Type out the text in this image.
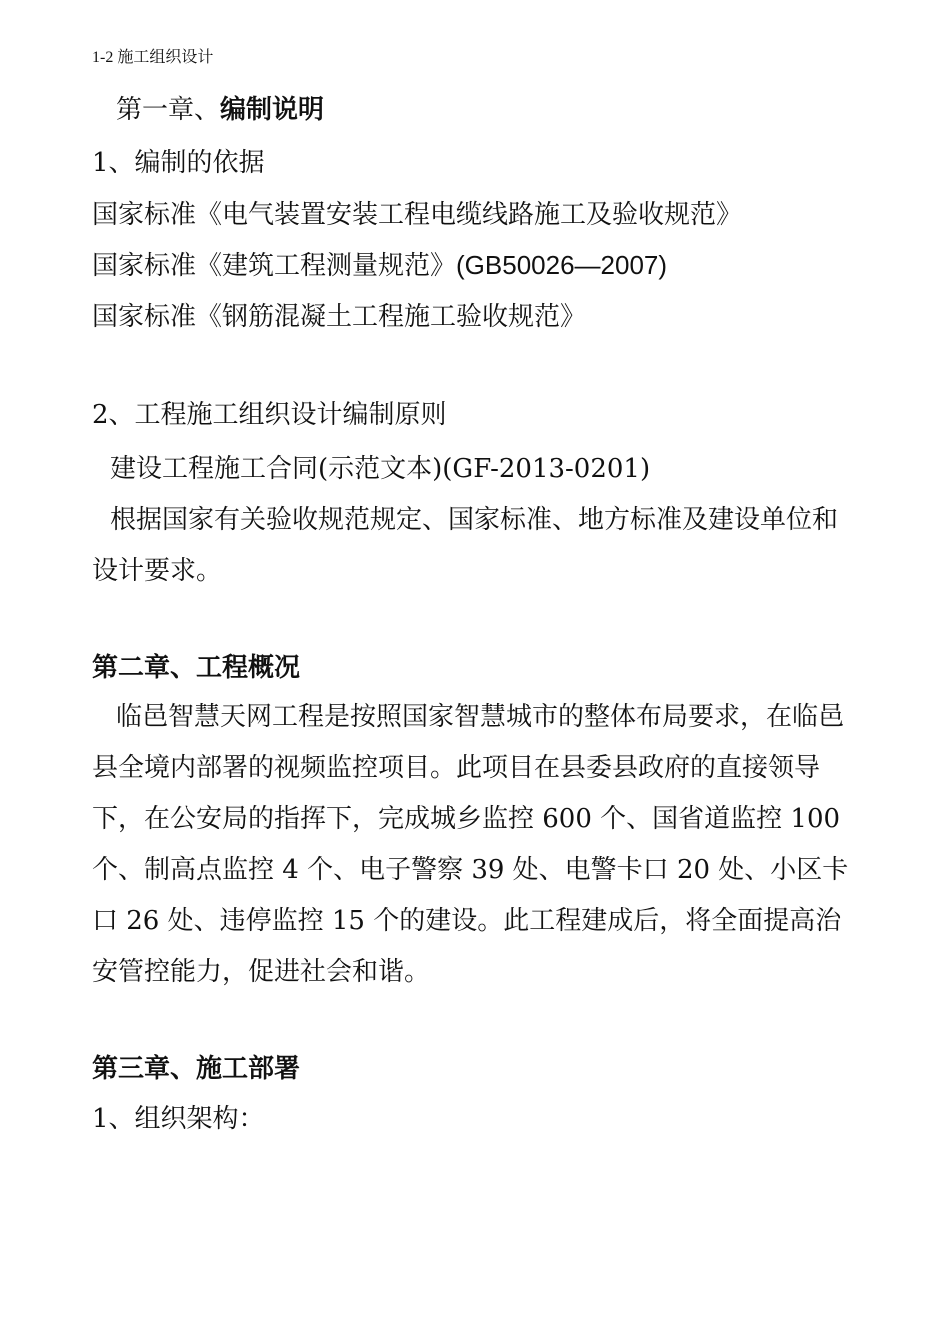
1-2 施工组织设计
第一章、编制说明
1、编制的依据
国家标准《电气装置安装工程电缆线路施工及验收规范》
国家标准《建筑工程测量规范》(GB50026—2007)
国家标准《钢筋混凝土工程施工验收规范》
2、工程施工组织设计编制原则
建设工程施工合同(示范文本)(GF-2013-0201)

根据国家有关验收规范规定、国家标准、地方标准及建设单位和设计要求。

第二章、工程概况

临邑智慧天网工程是按照国家智慧城市的整体布局要求，在临邑县全境内部署的视频监控项目。此项目在县委县政府的直接领导下，在公安局的指挥下，完成城乡监控 600 个、国省道监控 100 个、制高点监控 4 个、电子警察 39 处、电警卡口 20 处、小区卡口 26 处、违停监控 15 个的建设。此工程建成后，将全面提高治安管控能力，促进社会和谐。

第三章、施工部署
1、组织架构：
